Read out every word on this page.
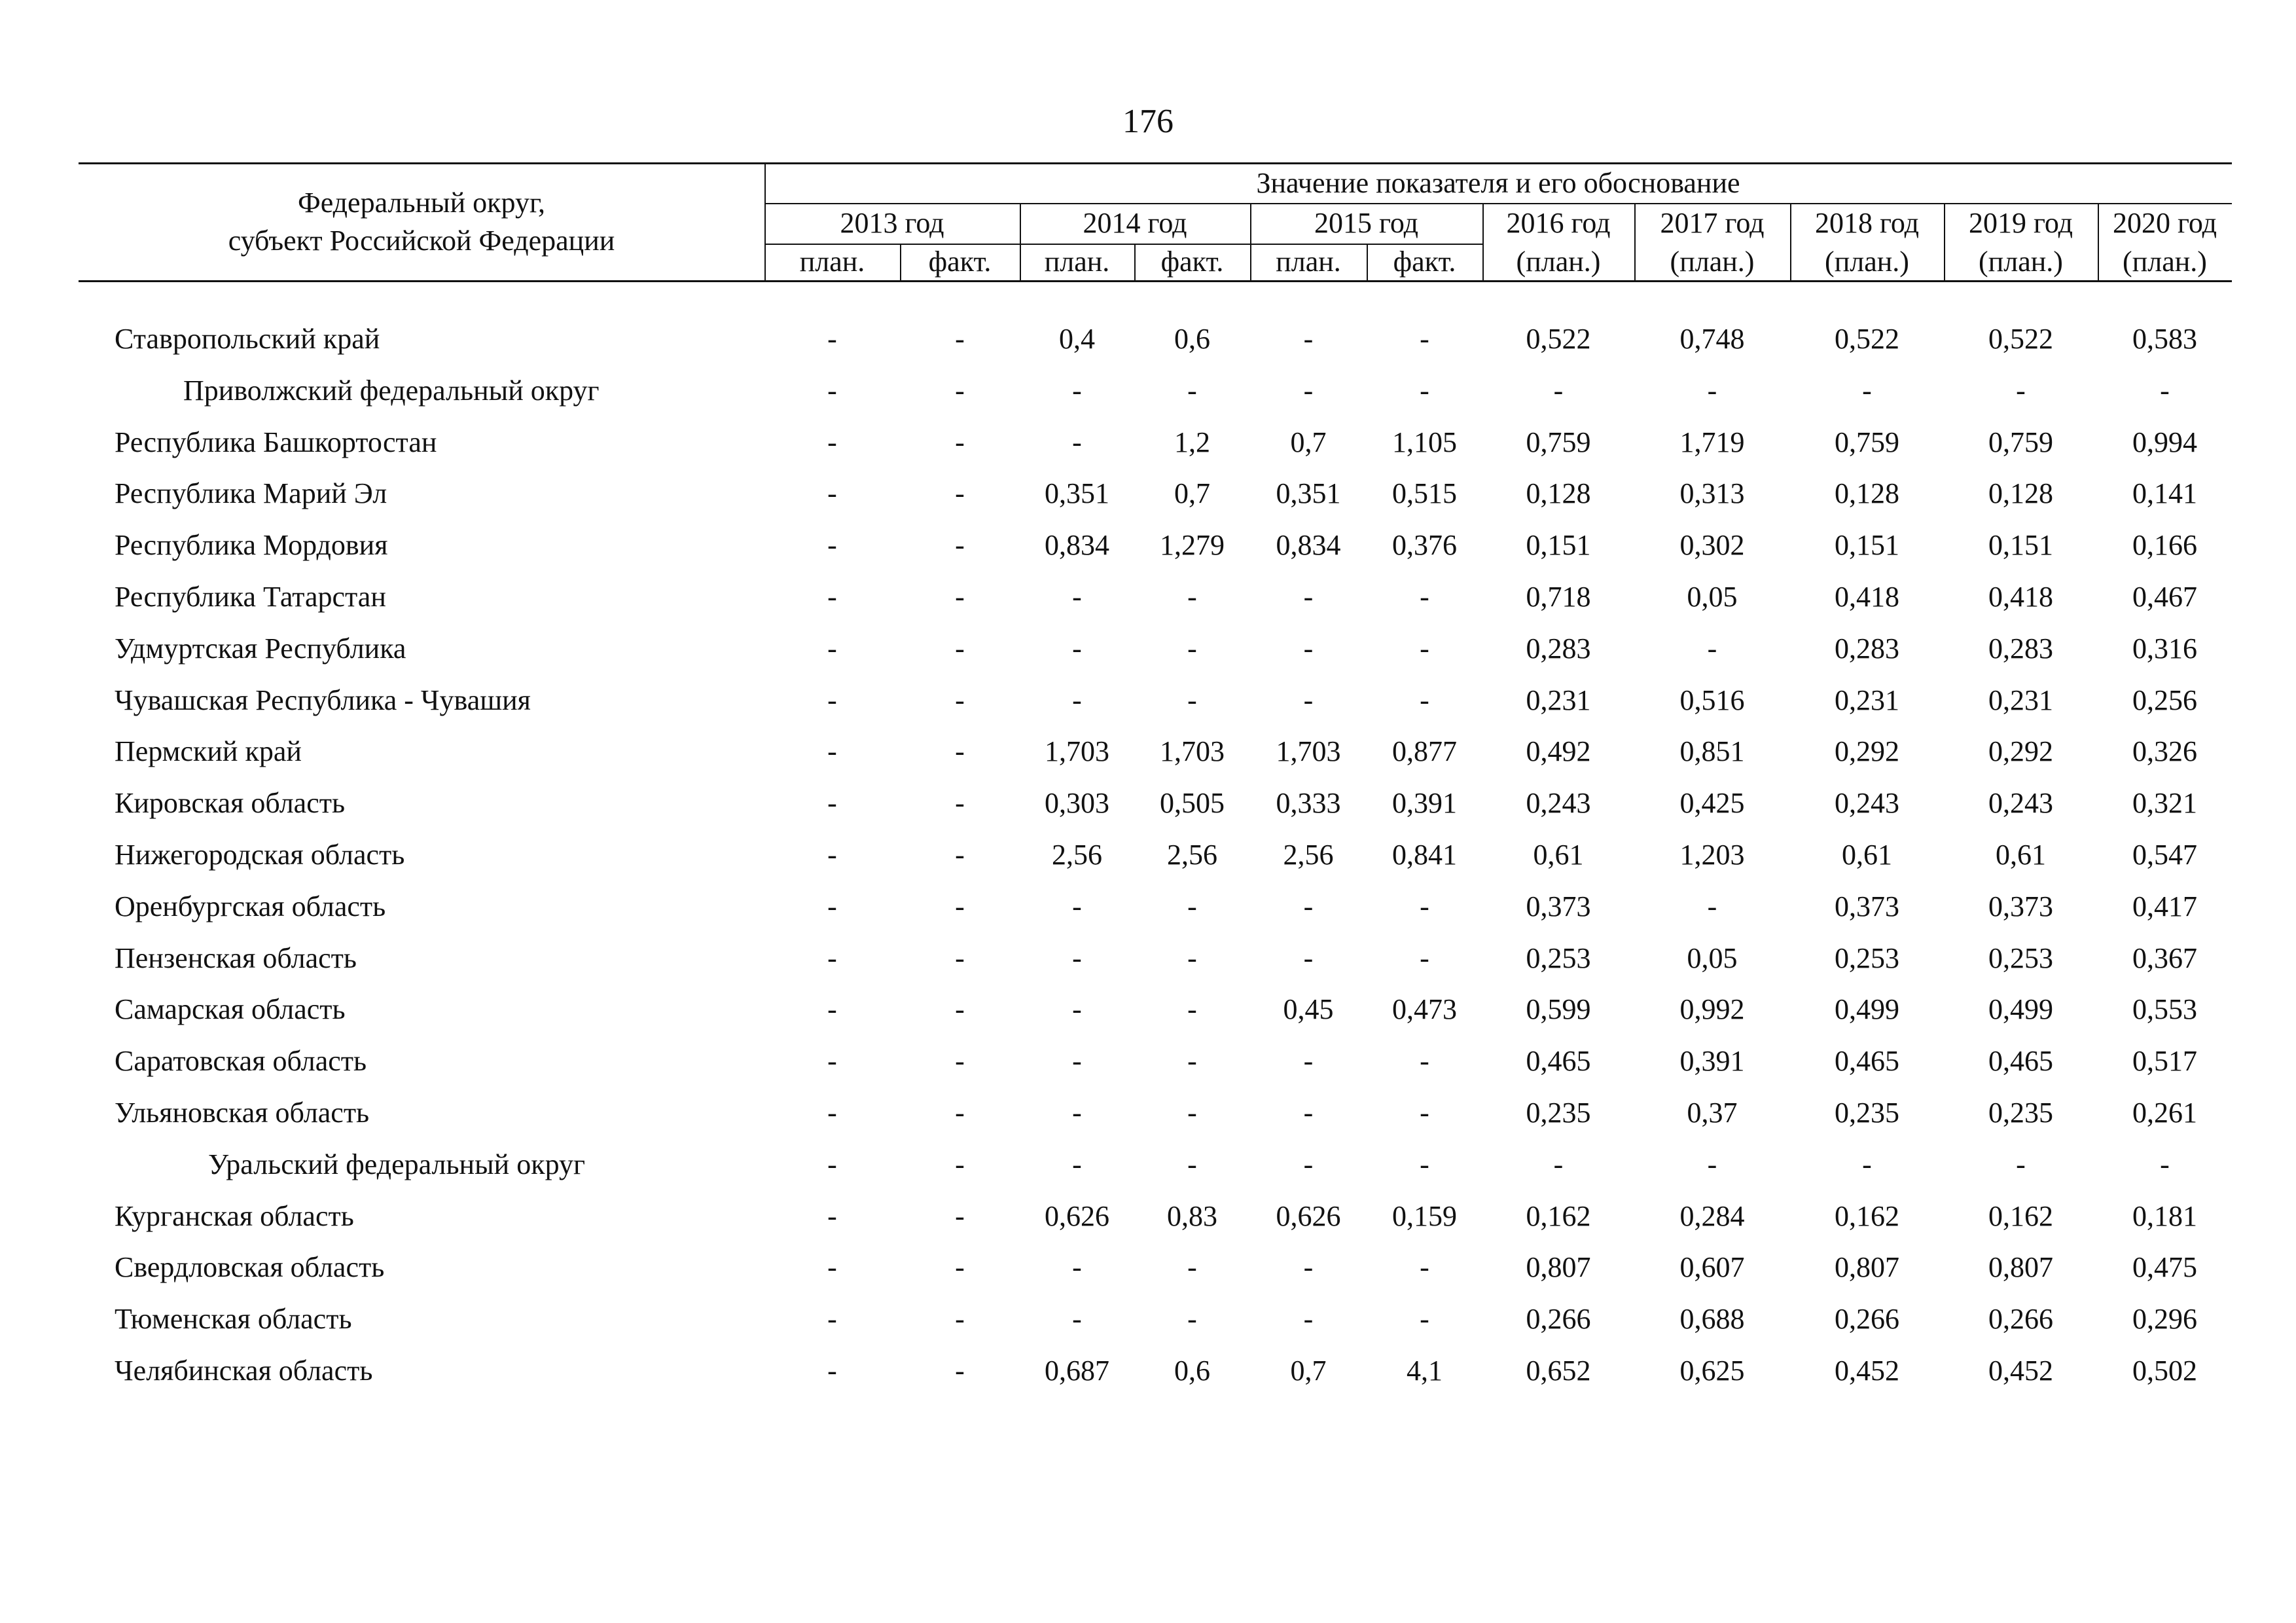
176
Федеральный округ,
субъект Российской Федерации
Значение показателя и его обоснование
2013 год
план.	факт.
2014 год
план.	факт.
2015 год
план.	факт.
2016 год
(план.)
2017 год
(план.)
2018 год
(план.)
2019 год
(план.)
2020 год
(план.)
Ставропольский край	-	-	0,4	0,6	-	-	0,522	0,748	0,522	0,522	0,583
Приволжский федеральный округ	-	-	-	-	-	-	-	-	-	-	-
Республика Башкортостан	-	-	-	1,2	0,7	1,105	0,759	1,719	0,759	0,759	0,994
Республика Марий Эл	-	-	0,351	0,7	0,351	0,515	0,128	0,313	0,128	0,128	0,141
Республика Мордовия	-	-	0,834	1,279	0,834	0,376	0,151	0,302	0,151	0,151	0,166
Республика Татарстан	-	-	-	-	-	-	0,718	0,05	0,418	0,418	0,467
Удмуртская Республика	-	-	-	-	-	-	0,283	-	0,283	0,283	0,316
Чувашская Республика - Чувашия	-	-	-	-	-	-	0,231	0,516	0,231	0,231	0,256
Пермский край	-	-	1,703	1,703	1,703	0,877	0,492	0,851	0,292	0,292	0,326
Кировская область	-	-	0,303	0,505	0,333	0,391	0,243	0,425	0,243	0,243	0,321
Нижегородская область	-	-	2,56	2,56	2,56	0,841	0,61	1,203	0,61	0,61	0,547
Оренбургская область	-	-	-	-	-	-	0,373	-	0,373	0,373	0,417
Пензенская область	-	-	-	-	-	-	0,253	0,05	0,253	0,253	0,367
Самарская область	-	-	-	-	0,45	0,473	0,599	0,992	0,499	0,499	0,553
Саратовская область	-	-	-	-	-	-	0,465	0,391	0,465	0,465	0,517
Ульяновская область	-	-	-	-	-	-	0,235	0,37	0,235	0,235	0,261
Уральский федеральный округ	-	-	-	-	-	-	-	-	-	-	-
Курганская область	-	-	0,626	0,83	0,626	0,159	0,162	0,284	0,162	0,162	0,181
Свердловская область	-	-	-	-	-	-	0,807	0,607	0,807	0,807	0,475
Тюменская область	-	-	-	-	-	-	0,266	0,688	0,266	0,266	0,296
Челябинская область	-	-	0,687	0,6	0,7	4,1	0,652	0,625	0,452	0,452	0,502
